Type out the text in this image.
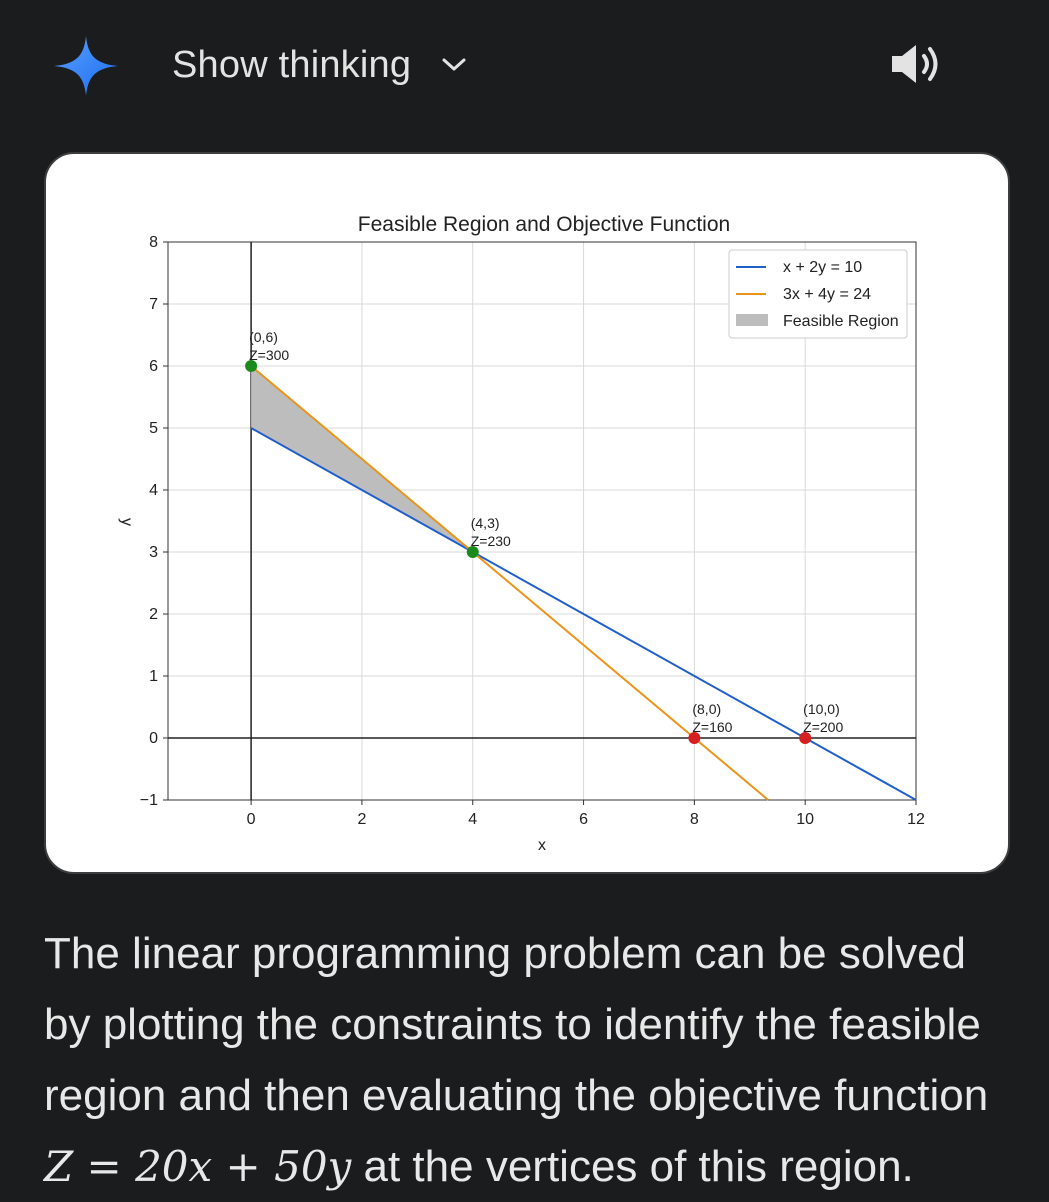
Show thinking
(0,6)
Z=300
(4,3)
Z=230
(8,0)
Z=160
(10,0)
Z=200
0	2	4	6	8	10	12
−1
0
1
2
3
4
5
6
7
8
Feasible Region and Objective Function
x
y
x + 2y = 10
3x + 4y = 24
Feasible Region
The linear programming problem can be solved by plotting the constraints to identify the feasible region and then evaluating the objective function Z = 20x + 50y at the vertices of this region.
